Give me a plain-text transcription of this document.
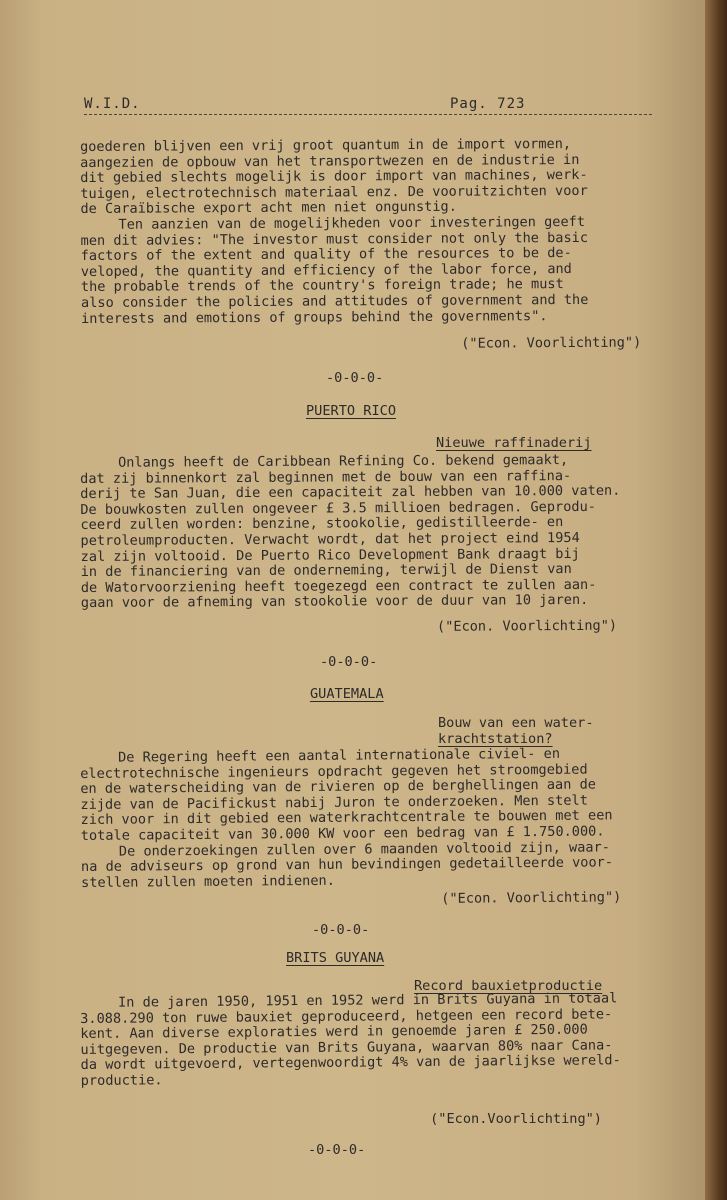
W.I.D.	Pag. 723

goederen blijven een vrij groot quantum in de import vormen,

aangezien de opbouw van het transportwezen en de industrie in

dit gebied slechts mogelijk is door import van machines, werk-

tuigen, electrotechnisch materiaal enz. De vooruitzichten voor

de Caraïbische export acht men niet ongunstig.

Ten aanzien van de mogelijkheden voor investeringen geeft

men dit advies: "The investor must consider not only the basic

factors of the extent and quality of the resources to be de-

veloped, the quantity and efficiency of the labor force, and

the probable trends of the country's foreign trade; he must

also consider the policies and attitudes of government and the

interests and emotions of groups behind the governments".

("Econ. Voorlichting")
-0-0-0-
PUERTO RICO
Nieuwe raffinaderij

Onlangs heeft de Caribbean Refining Co. bekend gemaakt,

dat zij binnenkort zal beginnen met de bouw van een raffina-

derij te San Juan, die een capaciteit zal hebben van 10.000 vaten.

De bouwkosten zullen ongeveer £ 3.5 millioen bedragen. Geprodu-

ceerd zullen worden: benzine, stookolie, gedistilleerde- en

petroleumproducten. Verwacht wordt, dat het project eind 1954

zal zijn voltooid. De Puerto Rico Development Bank draagt bij

in de financiering van de onderneming, terwijl de Dienst van

de Watorvoorziening heeft toegezegd een contract te zullen aan-

gaan voor de afneming van stookolie voor de duur van 10 jaren.

("Econ. Voorlichting")
-0-0-0-
GUATEMALA
Bouw van een water-
krachtstation?

De Regering heeft een aantal internationale civiel- en

electrotechnische ingenieurs opdracht gegeven het stroomgebied

en de waterscheiding van de rivieren op de berghellingen aan de

zijde van de Pacifickust nabij Juron te onderzoeken. Men stelt

zich voor in dit gebied een waterkrachtcentrale te bouwen met een

totale capaciteit van 30.000 KW voor een bedrag van £ 1.750.000.

De onderzoekingen zullen over 6 maanden voltooid zijn, waar-

na de adviseurs op grond van hun bevindingen gedetailleerde voor-

stellen zullen moeten indienen.

("Econ. Voorlichting")
-0-0-0-
BRITS GUYANA
Record bauxietproductie

In de jaren 1950, 1951 en 1952 werd in Brits Guyana in totaal

3.088.290 ton ruwe bauxiet geproduceerd, hetgeen een record bete-

kent. Aan diverse exploraties werd in genoemde jaren £ 250.000

uitgegeven. De productie van Brits Guyana, waarvan 80% naar Cana-

da wordt uitgevoerd, vertegenwoordigt 4% van de jaarlijkse wereld-

productie.

("Econ.Voorlichting")
-0-0-0-
